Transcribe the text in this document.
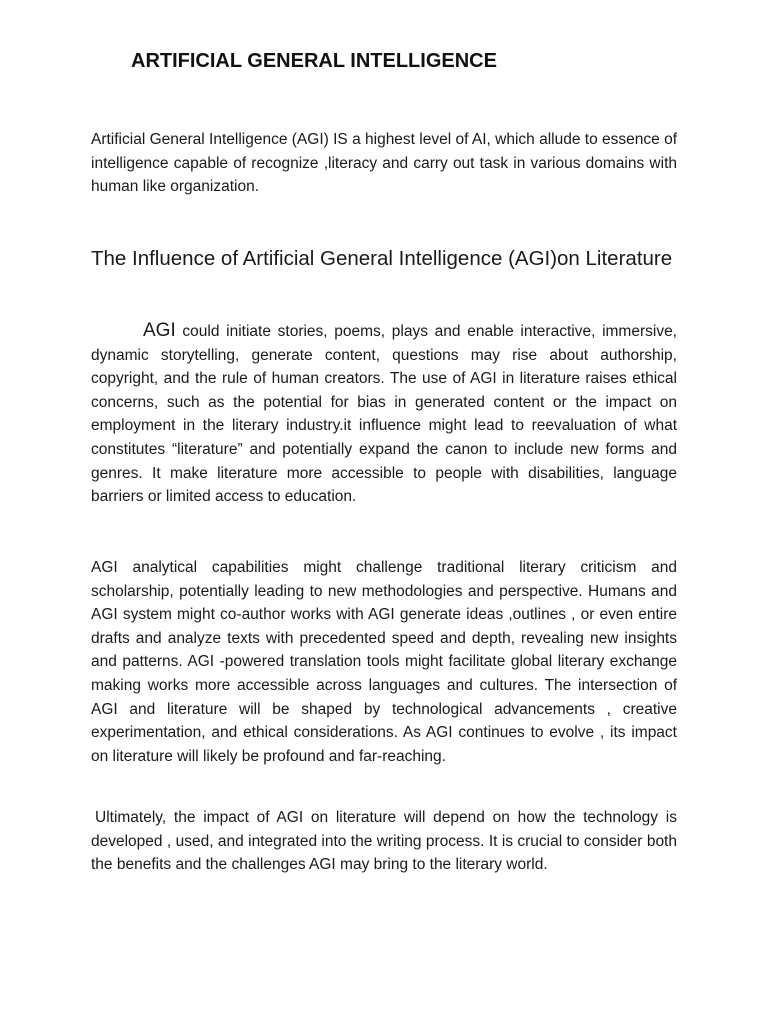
ARTIFICIAL GENERAL INTELLIGENCE

Artificial General Intelligence (AGI) IS a highest level of AI, which allude to essence of intelligence capable of recognize ,literacy and carry out task in various domains with human like organization.

The Influence of Artificial General Intelligence (AGI)on Literature

AGI could initiate stories, poems, plays and enable interactive, immersive, dynamic storytelling, generate content, questions may rise about authorship, copyright, and the rule of human creators. The use of AGI in literature raises ethical concerns, such as the potential for bias in generated content or the impact on employment in the literary industry.it influence might lead to reevaluation of what constitutes “literature” and potentially expand the canon to include new forms and genres. It make literature more accessible to people with disabilities, language barriers or limited access to education.

AGI analytical capabilities might challenge traditional literary criticism and scholarship, potentially leading to new methodologies and perspective. Humans and AGI system might co-author works with AGI generate ideas ,outlines , or even entire drafts and analyze texts with precedented speed and depth, revealing new insights and patterns. AGI -powered translation tools might facilitate global literary exchange making works more accessible across languages and cultures. The intersection of AGI and literature will be shaped by technological advancements , creative experimentation, and ethical considerations. As AGI continues to evolve , its impact on literature will likely be profound and far-reaching.

Ultimately, the impact of AGI on literature will depend on how the technology is developed , used, and integrated into the writing process. It is crucial to consider both the benefits and the challenges AGI may bring to the literary world.
